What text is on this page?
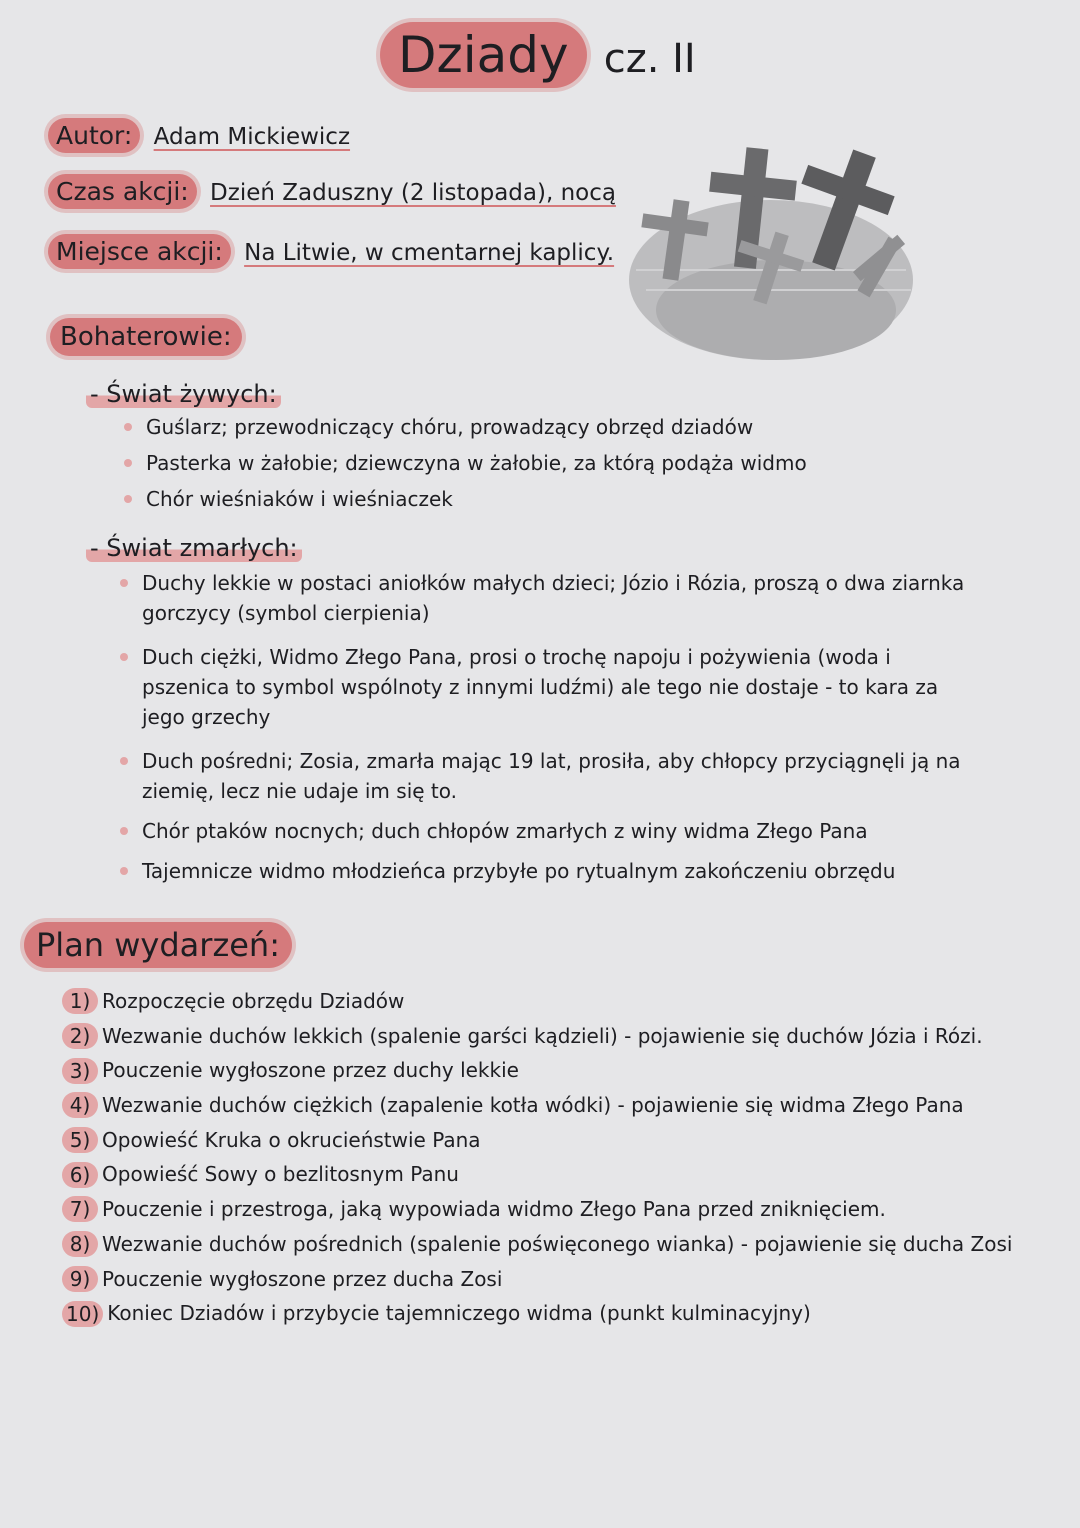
Dziady cz. II
Autor: Adam Mickiewicz
Czas akcji: Dzień Zaduszny (2 listopada), nocą
Miejsce akcji: Na Litwie, w cmentarnej kaplicy.
Bohaterowie:
- Świat żywych:
Guślarz; przewodniczący chóru, prowadzący obrzęd dziadów
Pasterka w żałobie; dziewczyna w żałobie, za którą podąża widmo
Chór wieśniaków i wieśniaczek
- Świat zmarłych:
Duchy lekkie w postaci aniołków małych dzieci; Józio i Rózia, proszą o dwa ziarnka gorczycy (symbol cierpienia)
Duch ciężki, Widmo Złego Pana, prosi o trochę napoju i pożywienia (woda i pszenica to symbol wspólnoty z innymi ludźmi) ale tego nie dostaje - to kara za jego grzechy
Duch pośredni; Zosia, zmarła mając 19 lat, prosiła, aby chłopcy przyciągnęli ją na ziemię, lecz nie udaje im się to.
Chór ptaków nocnych; duch chłopów zmarłych z winy widma Złego Pana
Tajemnicze widmo młodzieńca przybyłe po rytualnym zakończeniu obrzędu
Plan wydarzeń:
1) Rozpoczęcie obrzędu Dziadów
2) Wezwanie duchów lekkich (spalenie garści kądzieli) - pojawienie się duchów Józia i Rózi.
3) Pouczenie wygłoszone przez duchy lekkie
4) Wezwanie duchów ciężkich (zapalenie kotła wódki) - pojawienie się widma Złego Pana
5) Opowieść Kruka o okrucieństwie Pana
6) Opowieść Sowy o bezlitosnym Panu
7) Pouczenie i przestroga, jaką wypowiada widmo Złego Pana przed zniknięciem.
8) Wezwanie duchów pośrednich (spalenie poświęconego wianka) - pojawienie się ducha Zosi
9) Pouczenie wygłoszone przez ducha Zosi
10) Koniec Dziadów i przybycie tajemniczego widma (punkt kulminacyjny)
